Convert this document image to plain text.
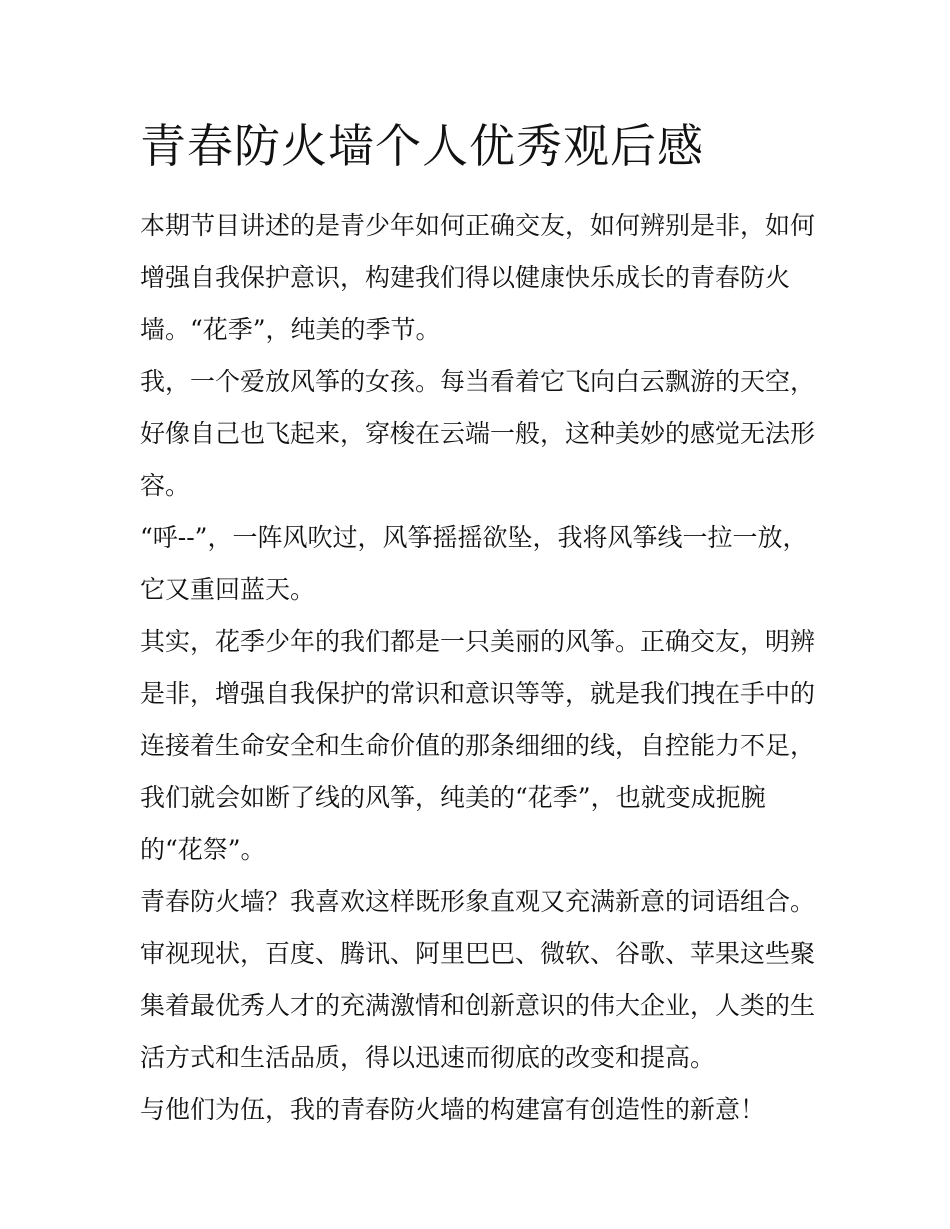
青春防火墙个人优秀观后感

本期节目讲述的是青少年如何正确交友，如何辨别是非，如何
增强自我保护意识，构建我们得以健康快乐成长的青春防火
墙。“花季”，纯美的季节。

我，一个爱放风筝的女孩。每当看着它飞向白云飘游的天空，
好像自己也飞起来，穿梭在云端一般，这种美妙的感觉无法形
容。

“呼--”，一阵风吹过，风筝摇摇欲坠，我将风筝线一拉一放，
它又重回蓝天。

其实，花季少年的我们都是一只美丽的风筝。正确交友，明辨
是非，增强自我保护的常识和意识等等，就是我们拽在手中的
连接着生命安全和生命价值的那条细细的线，自控能力不足，
我们就会如断了线的风筝，纯美的“花季”，也就变成扼腕
的“花祭”。

青春防火墙？我喜欢这样既形象直观又充满新意的词语组合。
审视现状，百度、腾讯、阿里巴巴、微软、谷歌、苹果这些聚
集着最优秀人才的充满激情和创新意识的伟大企业，人类的生
活方式和生活品质，得以迅速而彻底的改变和提高。

与他们为伍，我的青春防火墙的构建富有创造性的新意！
